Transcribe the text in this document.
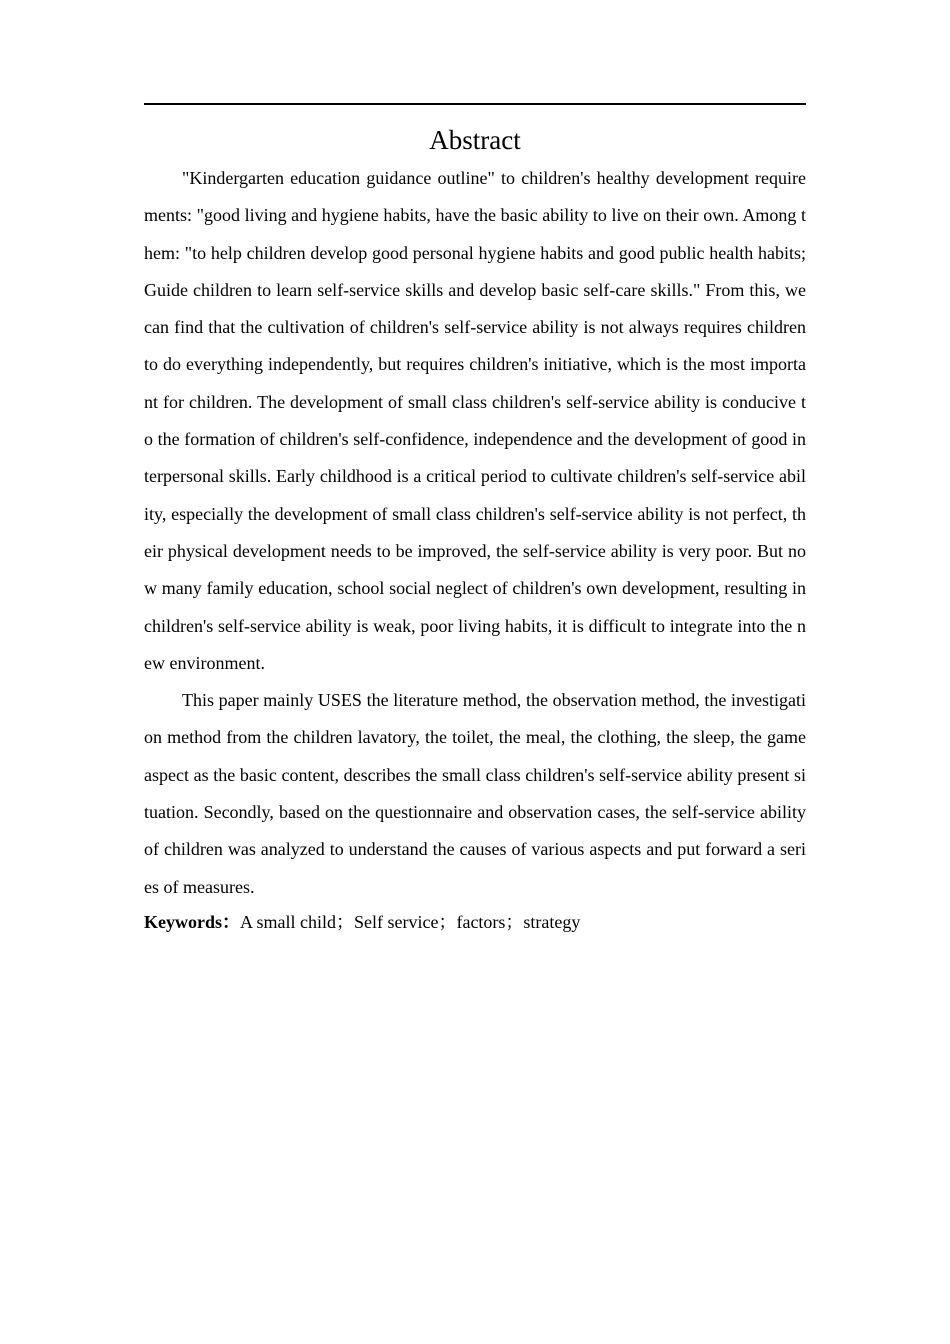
Abstract

"Kindergarten education guidance outline" to children's healthy development requirements: "good living and hygiene habits, have the basic ability to live on their own. Among them: "to help children develop good personal hygiene habits and good public health habits; Guide children to learn self-service skills and develop basic self-care skills." From this, we can find that the cultivation of children's self-service ability is not always requires children to do everything independently, but requires children's initiative, which is the most important for children. The development of small class children's self-service ability is conducive to the formation of children's self-confidence, independence and the development of good interpersonal skills. Early childhood is a critical period to cultivate children's self-service ability, especially the development of small class children's self-service ability is not perfect, their physical development needs to be improved, the self-service ability is very poor. But now many family education, school social neglect of children's own development, resulting in children's self-service ability is weak, poor living habits, it is difficult to integrate into the new environment.

This paper mainly USES the literature method, the observation method, the investigation method from the children lavatory, the toilet, the meal, the clothing, the sleep, the game aspect as the basic content, describes the small class children's self-service ability present situation. Secondly, based on the questionnaire and observation cases, the self-service ability of children was analyzed to understand the causes of various aspects and put forward a series of measures.

Keywords：A small child；Self service；factors；strategy
